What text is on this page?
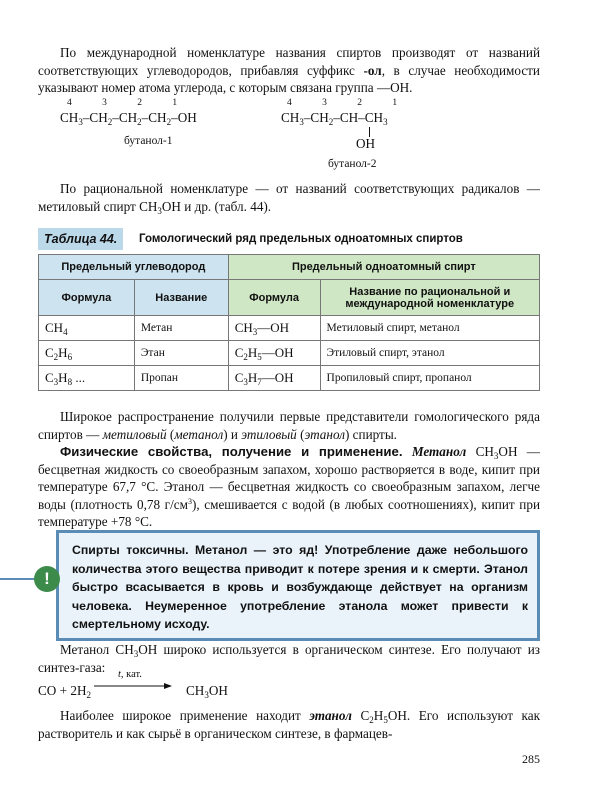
По международной номенклатуре названия спиртов производят от названий соответствующих углеводородов, прибавляя суффикс -ол, в случае необходимости указывают номер атома углерода, с которым связана группа —OH.

4	3	2	1
$CH_3-CH_2-CH_2-CH_2-OH$
бутанол-1
4	3	2	1
$CH_3-CH_2-CH-CH_3$
OH
бутанол-2

По рациональной номенклатуре — от названий соответствующих радикалов — метиловый спирт $CH_3OH$ и др. (табл. 44).

Таблица 44.	Гомологический ряд предельных одноатомных спиртов
Предельный углеводород		Предельный одноатомный спирт	
Формула	Название	Формула	Название по рациональной и международной номенклатуре
$CH_4$	Метан	$CH_3—OH$	Метиловый спирт, метанол
$C_2H_6$	Этан	$C_2H_5—OH$	Этиловый спирт, этанол
$C_3H_8$ ...	Пропан	$C_3H_7—OH$	Пропиловый спирт, пропанол

Широкое распространение получили первые представители гомологического ряда спиртов — метиловый (метанол) и этиловый (этанол) спирты.

Физические свойства, получение и применение. Метанол $CH_3OH$ — бесцветная жидкость со своеобразным запахом, хорошо растворяется в воде, кипит при температуре 67,7 °С. Этанол — бесцветная жидкость со своеобразным запахом, легче воды (плотность 0,78 $г/см^3$), смешивается с водой (в любых соотношениях), кипит при температуре +78 °С.

Спирты токсичны. Метанол — это яд! Употребление даже небольшого количества этого вещества приводит к потере зрения и к смерти. Этанол быстро всасывается в кровь и возбуждающе действует на организм человека. Неумеренное употребление этанола может привести к смертельному исходу.

!

Метанол $CH_3OH$ широко используется в органическом синтезе. Его получают из синтез-газа:

CO + $2H_2$
t, кат.
$CH_3OH$

Наиболее широкое применение находит этанол $C_2H_5OH$. Его используют как растворитель и как сырьё в органическом синтезе, в фармацев-

285
